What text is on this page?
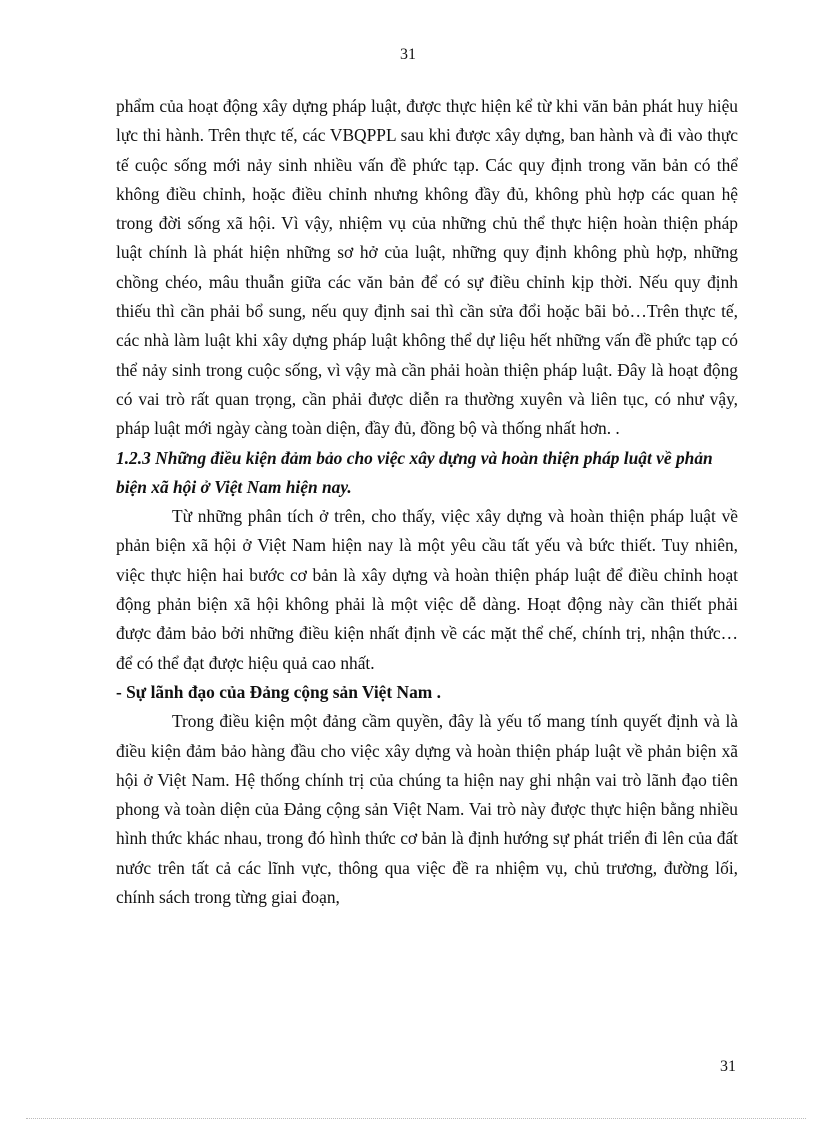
31

phẩm của hoạt động xây dựng pháp luật, được thực hiện kể từ khi văn bản phát huy hiệu lực thi hành. Trên thực tế, các VBQPPL sau khi được xây dựng, ban hành và đi vào thực tế cuộc sống mới nảy sinh nhiều vấn đề phức tạp. Các quy định trong văn bản có thể không điều chỉnh, hoặc điều chỉnh nhưng không đầy đủ, không phù hợp các quan hệ trong đời sống xã hội. Vì vậy, nhiệm vụ của những chủ thể thực hiện hoàn thiện pháp luật chính là phát hiện những sơ hở của luật, những quy định không phù hợp, những chồng chéo, mâu thuẫn giữa các văn bản để có sự điều chỉnh kịp thời. Nếu quy định thiếu thì cần phải bổ sung, nếu quy định sai thì cần sửa đổi hoặc bãi bỏ…Trên thực tế, các nhà làm luật khi xây dựng pháp luật không thể dự liệu hết những vấn đề phức tạp có thể nảy sinh trong cuộc sống, vì vậy mà cần phải hoàn thiện pháp luật. Đây là hoạt động có vai trò rất quan trọng, cần phải được diễn ra thường xuyên và liên tục, có như vậy, pháp luật mới ngày càng toàn diện, đầy đủ, đồng bộ và thống nhất hơn. .

1.2.3 Những điều kiện đảm bảo cho việc xây dựng và hoàn thiện pháp luật về phản biện xã hội ở Việt Nam hiện nay.

Từ những phân tích ở trên, cho thấy, việc xây dựng và hoàn thiện pháp luật về phản biện xã hội ở Việt Nam hiện nay là một yêu cầu tất yếu và bức thiết. Tuy nhiên, việc thực hiện hai bước cơ bản là xây dựng và hoàn thiện pháp luật để điều chỉnh hoạt động phản biện xã hội không phải là một việc dễ dàng. Hoạt động này cần thiết phải được đảm bảo bởi những điều kiện nhất định về các mặt thể chế, chính trị, nhận thức…để có thể đạt được hiệu quả cao nhất.

- Sự lãnh đạo của Đảng cộng sản Việt Nam .

Trong điều kiện một đảng cầm quyền, đây là yếu tố mang tính quyết định và là điều kiện đảm bảo hàng đầu cho việc xây dựng và hoàn thiện pháp luật về phản biện xã hội ở Việt Nam. Hệ thống chính trị của chúng ta hiện nay ghi nhận vai trò lãnh đạo tiên phong và toàn diện của Đảng cộng sản Việt Nam. Vai trò này được thực hiện bằng nhiều hình thức khác nhau, trong đó hình thức cơ bản là định hướng sự phát triển đi lên của đất nước trên tất cả các lĩnh vực, thông qua việc đề ra nhiệm vụ, chủ trương, đường lối, chính sách trong từng giai đoạn,

31
